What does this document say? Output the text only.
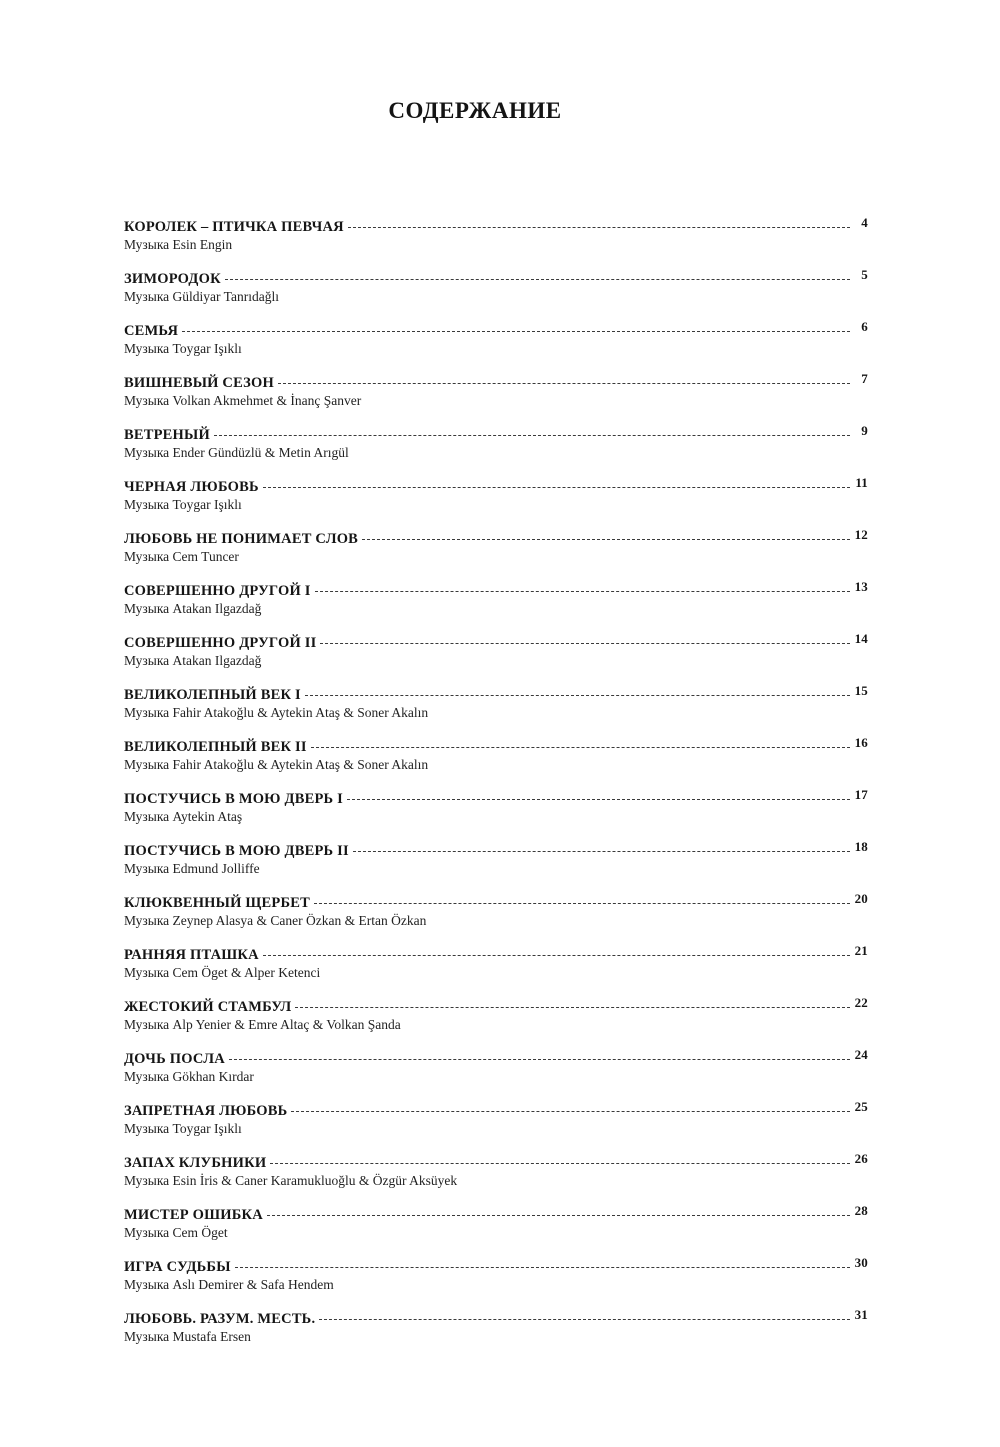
СОДЕРЖАНИЕ
КОРОЛЕК – ПТИЧКА ПЕВЧАЯ	4
Музыка Esin Engin
ЗИМОРОДОК	5
Музыка Güldiyar Tanrıdağlı
СЕМЬЯ	6
Музыка Toygar Işıklı
ВИШНЕВЫЙ СЕЗОН	7
Музыка Volkan Akmehmet & İnanç Şanver
ВЕТРЕНЫЙ	9
Музыка Ender Gündüzlü & Metin Arıgül
ЧЕРНАЯ ЛЮБОВЬ	11
Музыка Toygar Işıklı
ЛЮБОВЬ НЕ ПОНИМАЕТ СЛОВ	12
Музыка Cem Tuncer
СОВЕРШЕННО ДРУГОЙ I	13
Музыка Atakan Ilgazdağ
СОВЕРШЕННО ДРУГОЙ II	14
Музыка Atakan Ilgazdağ
ВЕЛИКОЛЕПНЫЙ ВЕК I	15
Музыка Fahir Atakoğlu & Aytekin Ataş & Soner Akalın
ВЕЛИКОЛЕПНЫЙ ВЕК II	16
Музыка Fahir Atakoğlu & Aytekin Ataş & Soner Akalın
ПОСТУЧИСЬ В МОЮ ДВЕРЬ I	17
Музыка Aytekin Ataş
ПОСТУЧИСЬ В МОЮ ДВЕРЬ II	18
Музыка Edmund Jolliffe
КЛЮКВЕННЫЙ ЩЕРБЕТ	20
Музыка Zeynep Alasya & Caner Özkan & Ertan Özkan
РАННЯЯ ПТАШКА	21
Музыка Cem Öget & Alper Ketenci
ЖЕСТОКИЙ СТАМБУЛ	22
Музыка Alp Yenier & Emre Altaç & Volkan Şanda
ДОЧЬ ПОСЛА	24
Музыка Gökhan Kırdar
ЗАПРЕТНАЯ ЛЮБОВЬ	25
Музыка Toygar Işıklı
ЗАПАХ КЛУБНИКИ	26
Музыка Esin İris & Caner Karamukluoğlu & Özgür Aksüyek
МИСТЕР ОШИБКА	28
Музыка Cem Öget
ИГРА СУДЬБЫ	30
Музыка Aslı Demirer & Safa Hendem
ЛЮБОВЬ. РАЗУМ. МЕСТЬ.	31
Музыка Mustafa Ersen
